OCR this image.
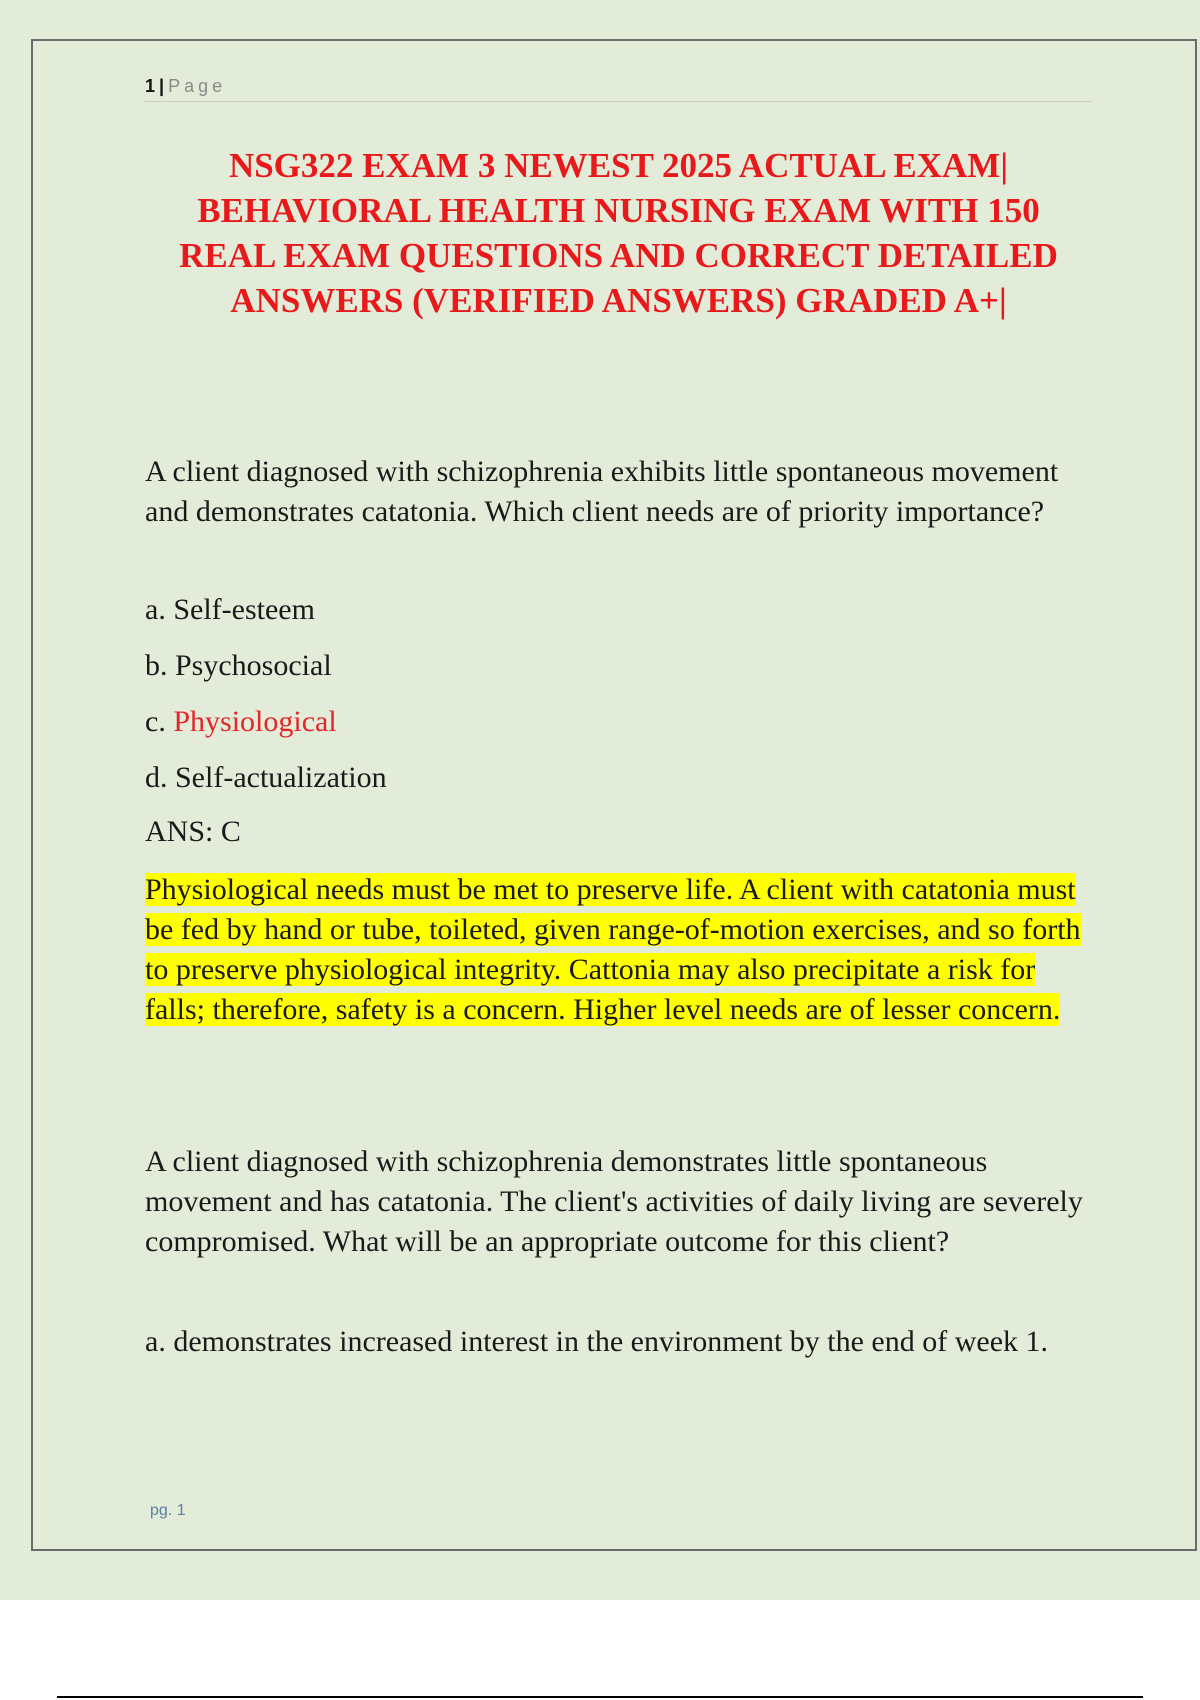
1 | Page
NSG322 EXAM 3 NEWEST 2025 ACTUAL EXAM| BEHAVIORAL HEALTH NURSING EXAM WITH 150 REAL EXAM QUESTIONS AND CORRECT DETAILED ANSWERS (VERIFIED ANSWERS) GRADED A+|
A client diagnosed with schizophrenia exhibits little spontaneous movement and demonstrates catatonia. Which client needs are of priority importance?
a. Self-esteem
b. Psychosocial
c. Physiological
d. Self-actualization
ANS: C
Physiological needs must be met to preserve life. A client with catatonia must be fed by hand or tube, toileted, given range-of-motion exercises, and so forth to preserve physiological integrity. Cattonia may also precipitate a risk for falls; therefore, safety is a concern. Higher level needs are of lesser concern.
A client diagnosed with schizophrenia demonstrates little spontaneous movement and has catatonia. The client's activities of daily living are severely compromised. What will be an appropriate outcome for this client?
a. demonstrates increased interest in the environment by the end of week 1.
pg. 1
